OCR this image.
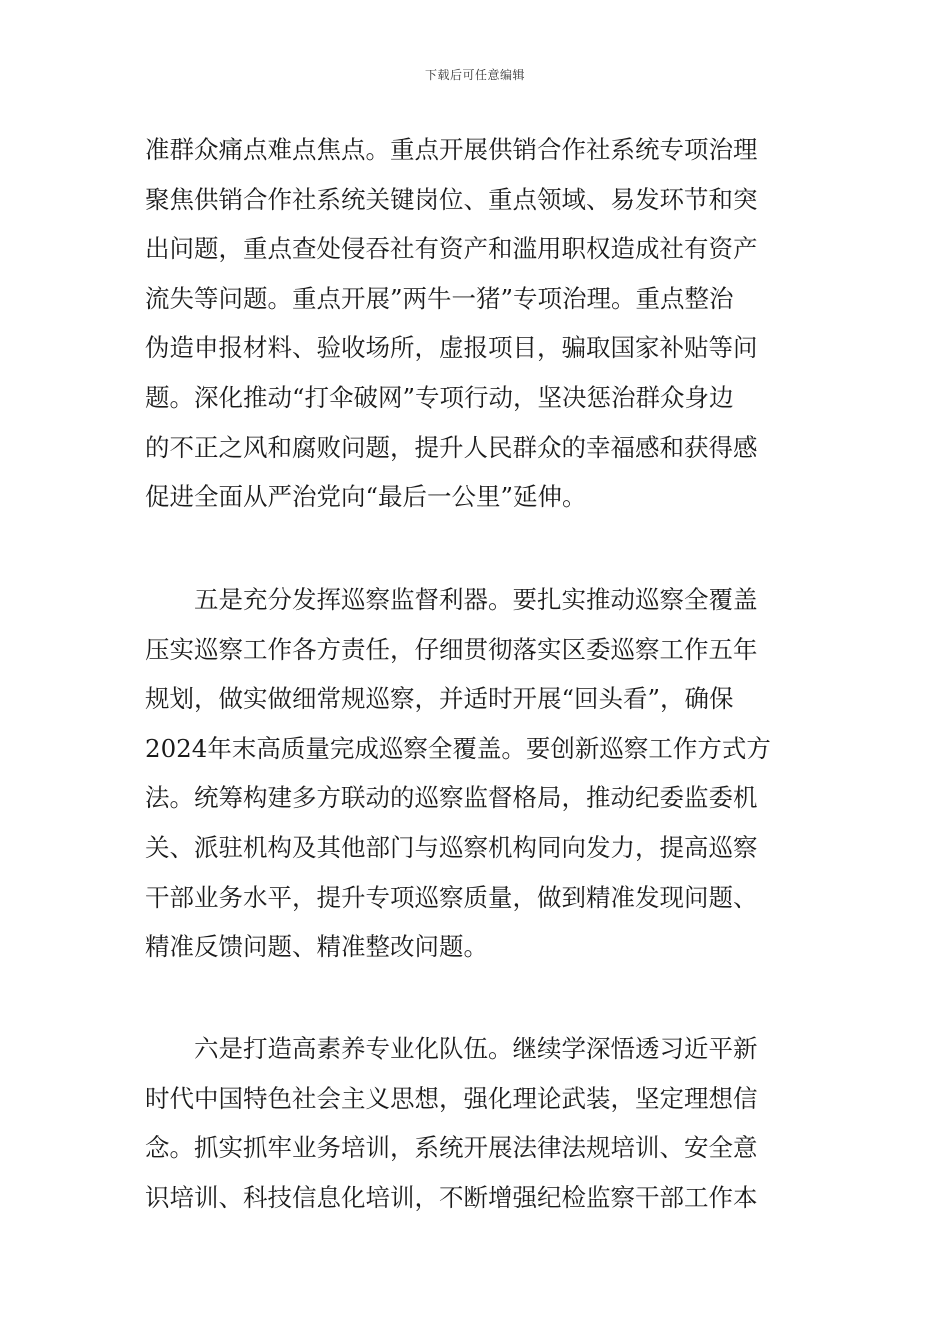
下载后可任意编辑
准群众痛点难点焦点。重点开展供销合作社系统专项治理
聚焦供销合作社系统关键岗位、重点领域、易发环节和突
出问题，重点查处侵吞社有资产和滥用职权造成社有资产
流失等问题。重点开展”两牛一猪”专项治理。重点整治
伪造申报材料、验收场所，虚报项目，骗取国家补贴等问
题。深化推动“打伞破网”专项行动，坚决惩治群众身边
的不正之风和腐败问题，提升人民群众的幸福感和获得感
促进全面从严治党向“最后一公里”延伸。
　　五是充分发挥巡察监督利器。要扎实推动巡察全覆盖
压实巡察工作各方责任，仔细贯彻落实区委巡察工作五年
规划，做实做细常规巡察，并适时开展“回头看”，确保
2024年末高质量完成巡察全覆盖。要创新巡察工作方式方
法。统筹构建多方联动的巡察监督格局，推动纪委监委机
关、派驻机构及其他部门与巡察机构同向发力，提高巡察
干部业务水平，提升专项巡察质量，做到精准发现问题、
精准反馈问题、精准整改问题。
　　六是打造高素养专业化队伍。继续学深悟透习近平新
时代中国特色社会主义思想，强化理论武装，坚定理想信
念。抓实抓牢业务培训，系统开展法律法规培训、安全意
识培训、科技信息化培训，不断增强纪检监察干部工作本
